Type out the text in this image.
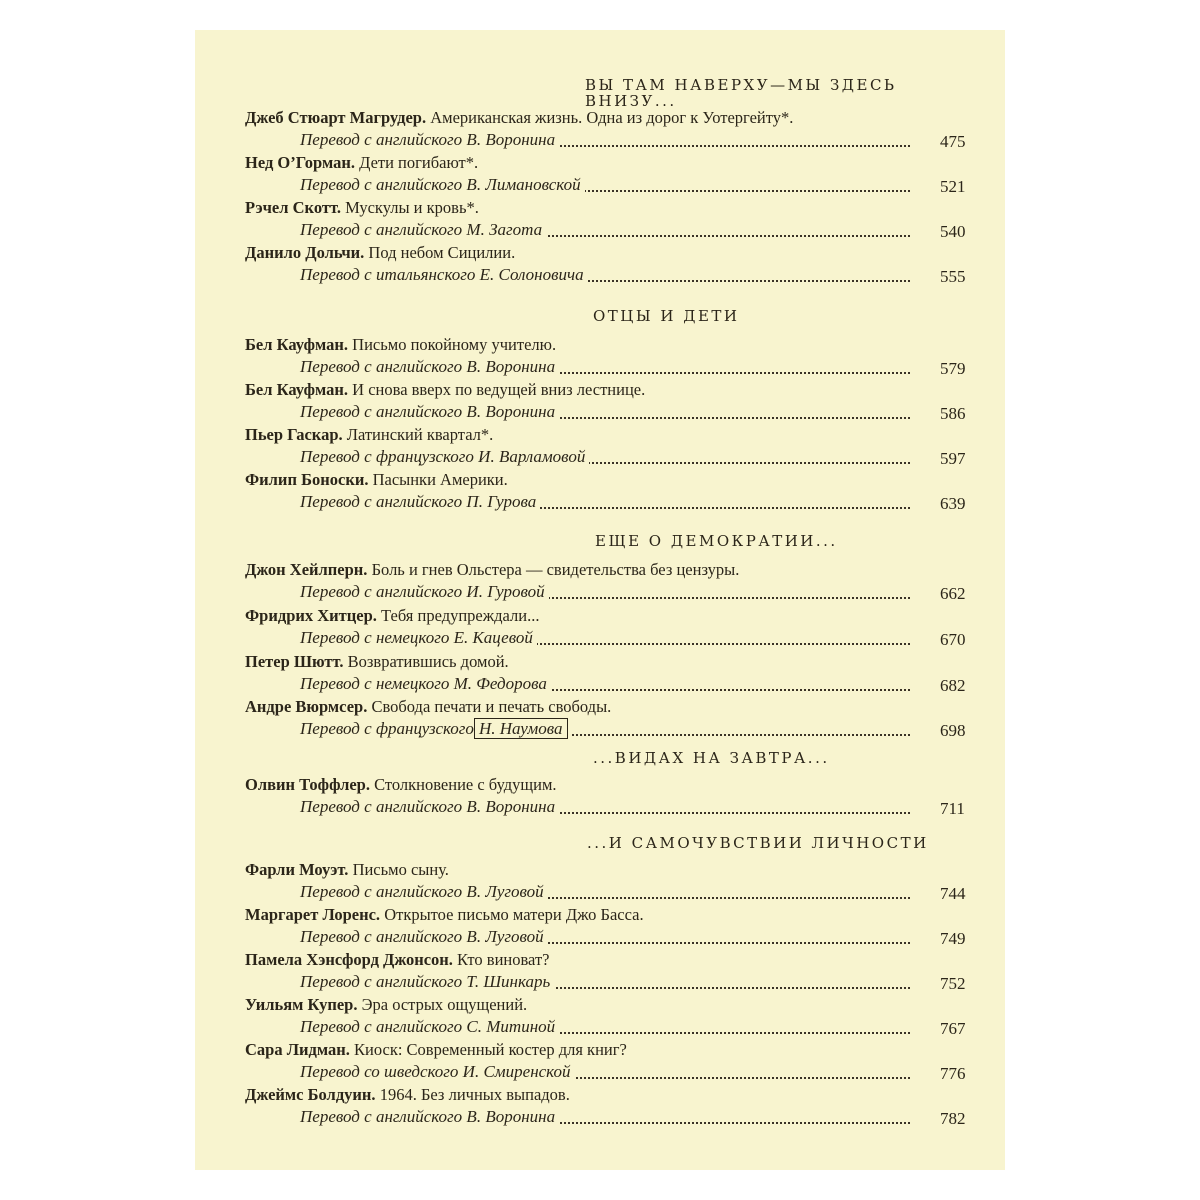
ВЫ ТАМ НАВЕРХУ—МЫ ЗДЕСЬ
ВНИЗУ...
Джеб Стюарт Магрудер. Американская жизнь. Одна из дорог к Уотергейту*.
Перевод с английского В. Воронина	475
Нед О’Горман. Дети погибают*.
Перевод с английского В. Лимановской	521
Рэчел Скотт. Мускулы и кровь*.
Перевод с английского М. Загота	540
Данило Дольчи. Под небом Сицилии.
Перевод с итальянского Е. Солоновича	555
ОТЦЫ И ДЕТИ
Бел Кауфман. Письмо покойному учителю.
Перевод с английского В. Воронина	579
Бел Кауфман. И снова вверх по ведущей вниз лестнице.
Перевод с английского В. Воронина	586
Пьер Гаскар. Латинский квартал*.
Перевод с французского И. Варламовой	597
Филип Боноски. Пасынки Америки.
Перевод с английского П. Гурова	639
ЕЩЕ О ДЕМОКРАТИИ...
Джон Хейлперн. Боль и гнев Ольстера — свидетельства без цензуры.
Перевод с английского И. Гуровой	662
Фридрих Хитцер. Тебя предупреждали...
Перевод с немецкого Е. Кацевой	670
Петер Шютт. Возвратившись домой.
Перевод с немецкого М. Федорова	682
Андре Вюрмсер. Свобода печати и печать свободы.
Перевод с французского Н. Наумова	698
...ВИДАХ НА ЗАВТРА...
Олвин Тоффлер. Столкновение с будущим.
Перевод с английского В. Воронина	711
...И САМОЧУВСТВИИ ЛИЧНОСТИ
Фарли Моуэт. Письмо сыну.
Перевод с английского В. Луговой	744
Маргарет Лоренс. Открытое письмо матери Джо Басса.
Перевод с английского В. Луговой	749
Памела Хэнсфорд Джонсон. Кто виноват?
Перевод с английского Т. Шинкарь	752
Уильям Купер. Эра острых ощущений.
Перевод с английского С. Митиной	767
Сара Лидман. Киоск: Современный костер для книг?
Перевод со шведского И. Смиренской	776
Джеймс Болдуин. 1964. Без личных выпадов.
Перевод с английского В. Воронина	782
